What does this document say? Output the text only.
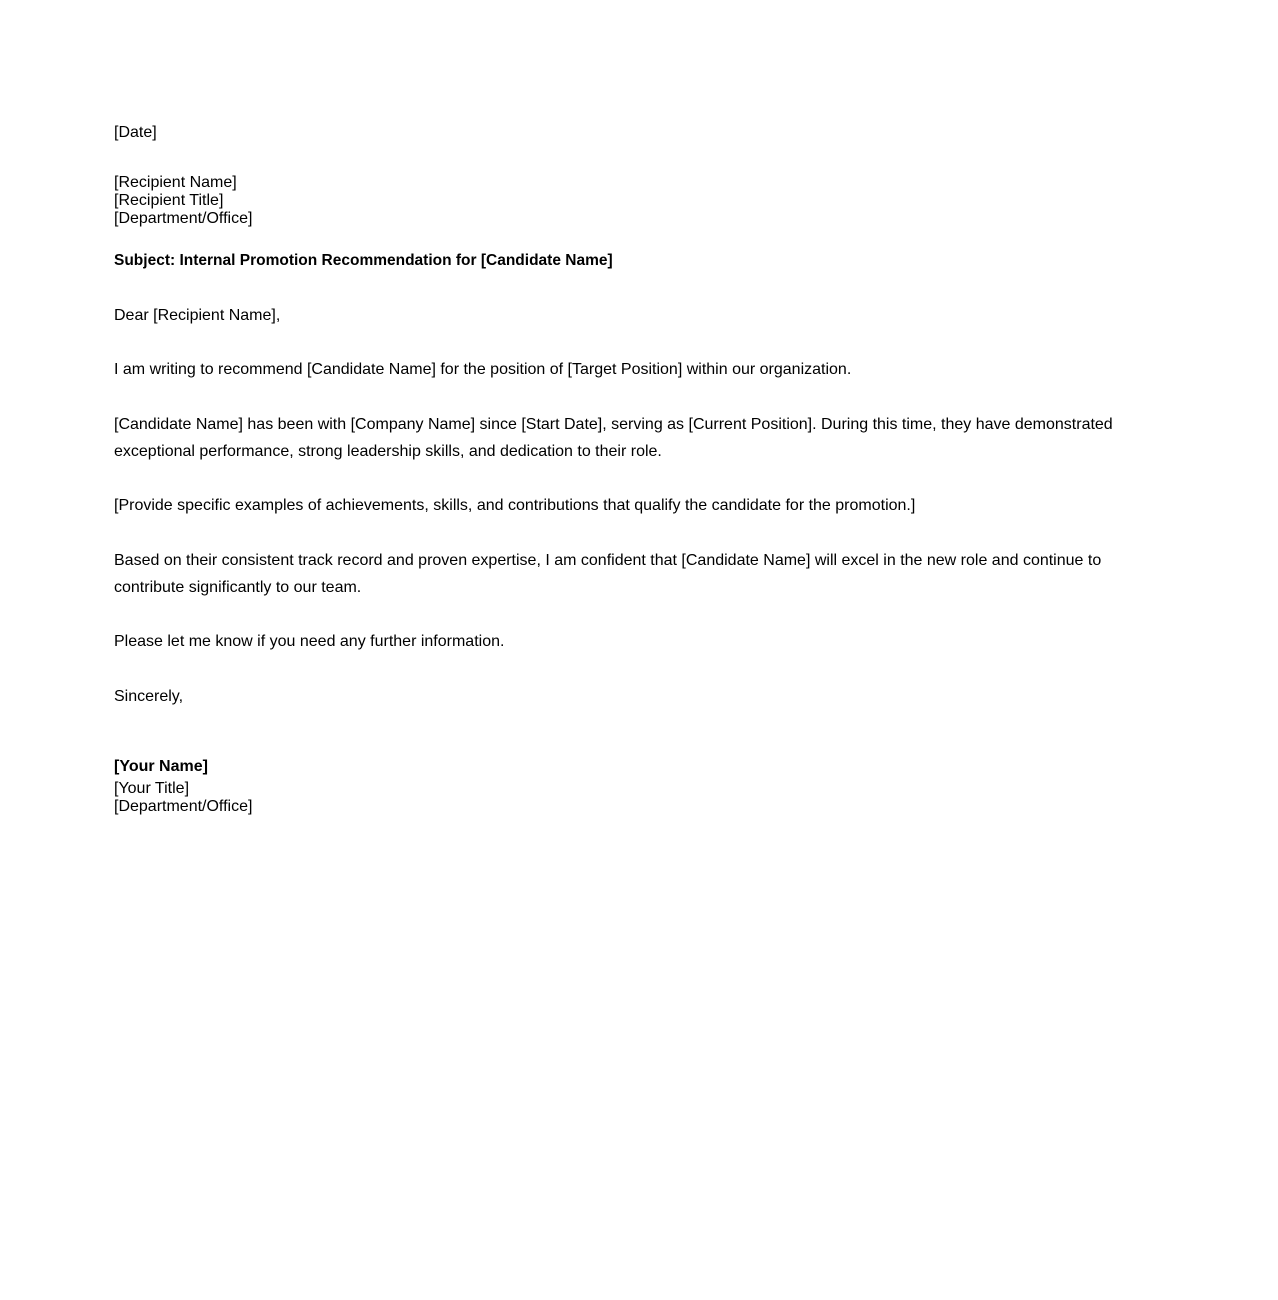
[Date]
[Recipient Name]
[Recipient Title]
[Department/Office]
Subject: Internal Promotion Recommendation for [Candidate Name]
Dear [Recipient Name],
I am writing to recommend [Candidate Name] for the position of [Target Position] within our organization.
[Candidate Name] has been with [Company Name] since [Start Date], serving as [Current Position]. During this time, they have demonstrated exceptional performance, strong leadership skills, and dedication to their role.
[Provide specific examples of achievements, skills, and contributions that qualify the candidate for the promotion.]
Based on their consistent track record and proven expertise, I am confident that [Candidate Name] will excel in the new role and continue to contribute significantly to our team.
Please let me know if you need any further information.
Sincerely,
[Your Name]
[Your Title]
[Department/Office]
